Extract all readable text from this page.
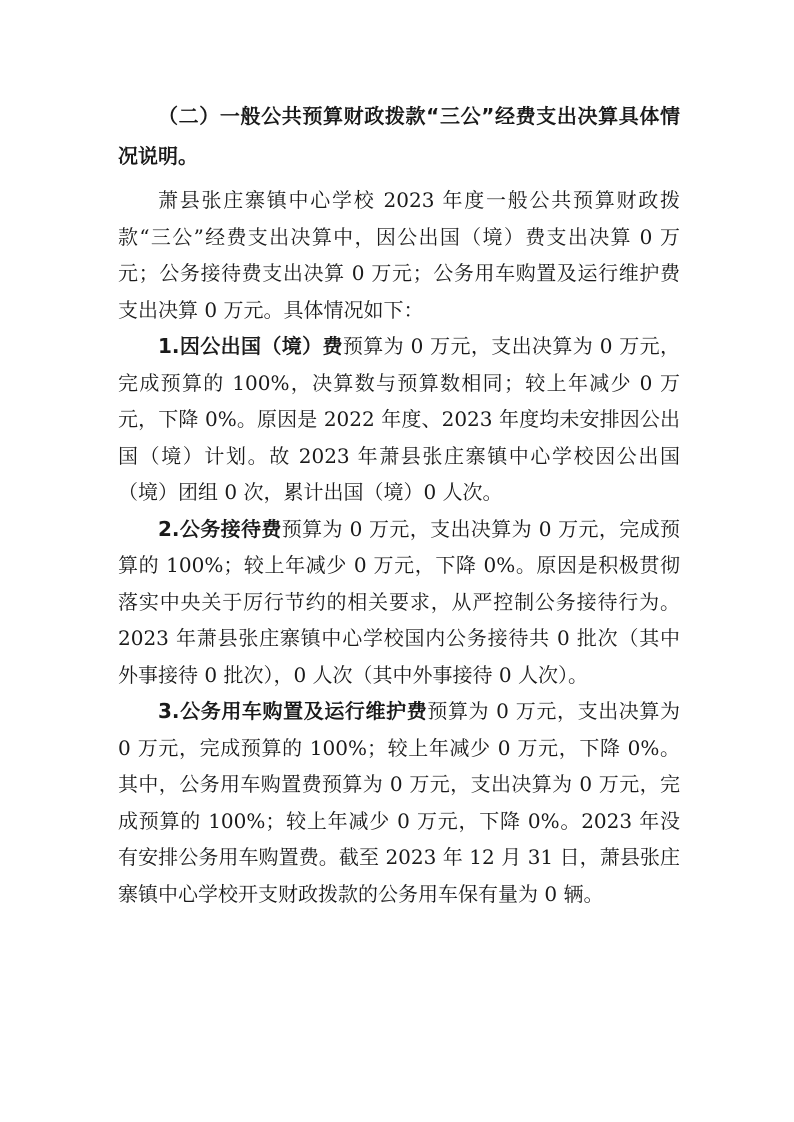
（二）一般公共预算财政拨款“三公”经费支出决算具体情况说明。

萧县张庄寨镇中心学校 2023 年度一般公共预算财政拨款“三公”经费支出决算中，因公出国（境）费支出决算 0 万元；公务接待费支出决算 0 万元；公务用车购置及运行维护费支出决算 0 万元。具体情况如下：

1.因公出国（境）费预算为 0 万元，支出决算为 0 万元，完成预算的 100%，决算数与预算数相同；较上年减少 0 万元，下降 0%。原因是 2022 年度、2023 年度均未安排因公出国（境）计划。故 2023 年萧县张庄寨镇中心学校因公出国（境）团组 0 次，累计出国（境）0 人次。

2.公务接待费预算为 0 万元，支出决算为 0 万元，完成预算的 100%；较上年减少 0 万元，下降 0%。原因是积极贯彻落实中央关于厉行节约的相关要求，从严控制公务接待行为。2023 年萧县张庄寨镇中心学校国内公务接待共 0 批次（其中外事接待 0 批次），0 人次（其中外事接待 0 人次）。

3.公务用车购置及运行维护费预算为 0 万元，支出决算为 0 万元，完成预算的 100%；较上年减少 0 万元，下降 0%。其中，公务用车购置费预算为 0 万元，支出决算为 0 万元，完成预算的 100%；较上年减少 0 万元，下降 0%。2023 年没有安排公务用车购置费。截至 2023 年 12 月 31 日，萧县张庄寨镇中心学校开支财政拨款的公务用车保有量为 0 辆。
